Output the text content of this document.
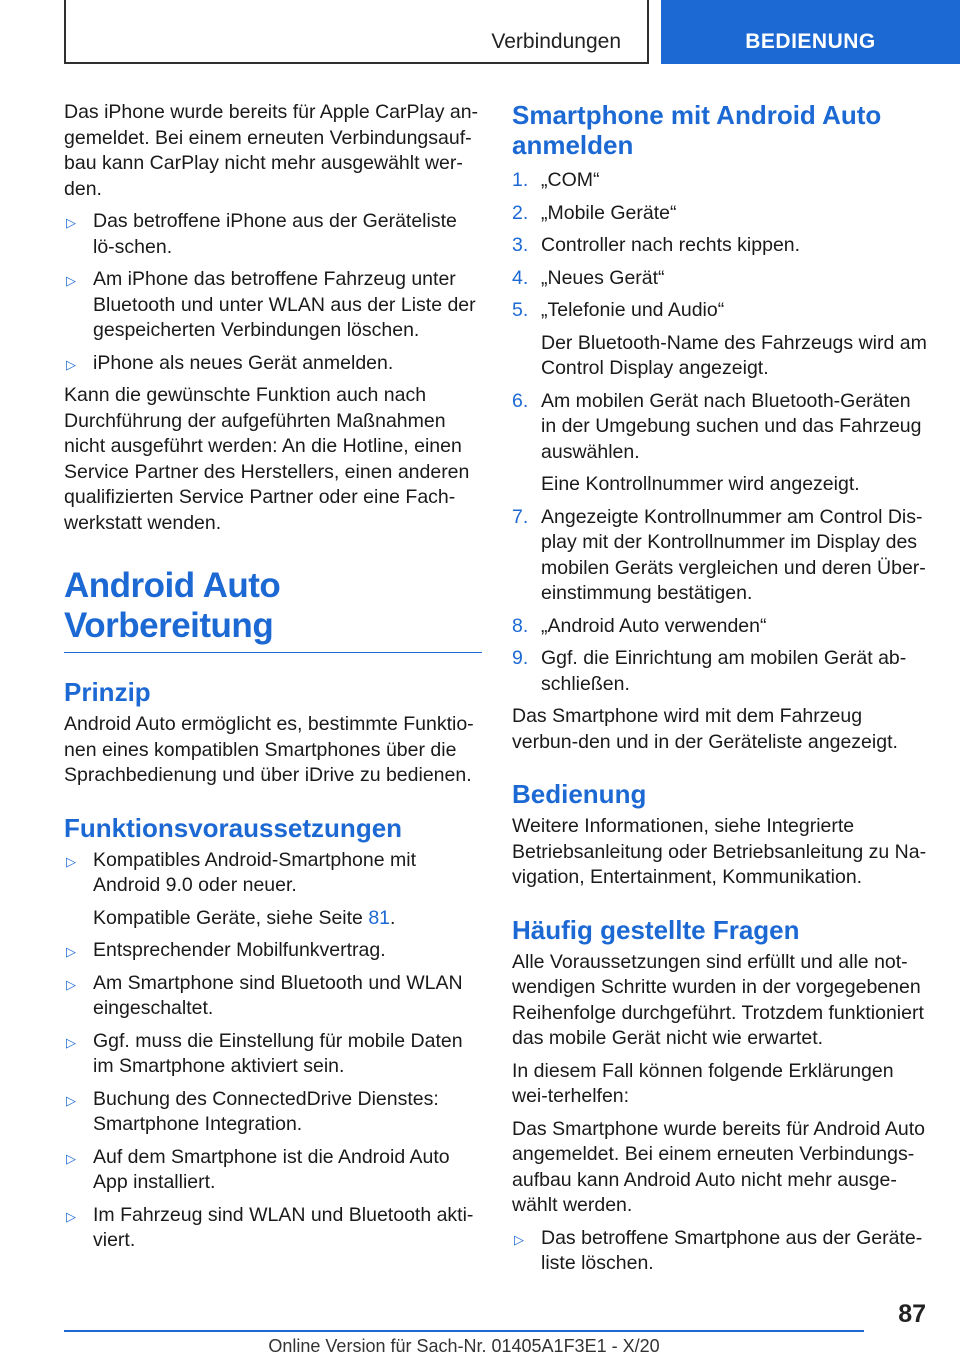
Verbindungen	BEDIENUNG

Das iPhone wurde bereits für Apple CarPlay an-gemeldet. Bei einem erneuten Verbindungsauf-bau kann CarPlay nicht mehr ausgewählt wer-den.

▷ Das betroffene iPhone aus der Geräteliste lö-schen.
▷ Am iPhone das betroffene Fahrzeug unter Bluetooth und unter WLAN aus der Liste der gespeicherten Verbindungen löschen.
▷ iPhone als neues Gerät anmelden.

Kann die gewünschte Funktion auch nach Durchführung der aufgeführten Maßnahmen nicht ausgeführt werden: An die Hotline, einen Service Partner des Herstellers, einen anderen qualifizierten Service Partner oder eine Fach-werkstatt wenden.

Android Auto Vorbereitung
Prinzip

Android Auto ermöglicht es, bestimmte Funktio-nen eines kompatiblen Smartphones über die Sprachbedienung und über iDrive zu bedienen.

Funktionsvoraussetzungen
▷ Kompatibles Android-Smartphone mit Android 9.0 oder neuer.
Kompatible Geräte, siehe Seite 81.
▷ Entsprechender Mobilfunkvertrag.
▷ Am Smartphone sind Bluetooth und WLAN eingeschaltet.
▷ Ggf. muss die Einstellung für mobile Daten im Smartphone aktiviert sein.
▷ Buchung des ConnectedDrive Dienstes: Smartphone Integration.
▷ Auf dem Smartphone ist die Android Auto App installiert.
▷ Im Fahrzeug sind WLAN und Bluetooth akti-viert.
Smartphone mit Android Auto anmelden
1. „COM“
2. „Mobile Geräte“
3. Controller nach rechts kippen.
4. „Neues Gerät“
5. „Telefonie und Audio“
Der Bluetooth-Name des Fahrzeugs wird am Control Display angezeigt.
6. Am mobilen Gerät nach Bluetooth-Geräten in der Umgebung suchen und das Fahrzeug auswählen.
Eine Kontrollnummer wird angezeigt.
7. Angezeigte Kontrollnummer am Control Dis-play mit der Kontrollnummer im Display des mobilen Geräts vergleichen und deren Über-einstimmung bestätigen.
8. „Android Auto verwenden“
9. Ggf. die Einrichtung am mobilen Gerät ab-schließen.

Das Smartphone wird mit dem Fahrzeug verbun-den und in der Geräteliste angezeigt.

Bedienung

Weitere Informationen, siehe Integrierte Betriebsanleitung oder Betriebsanleitung zu Na-vigation, Entertainment, Kommunikation.

Häufig gestellte Fragen

Alle Voraussetzungen sind erfüllt und alle not-wendigen Schritte wurden in der vorgegebenen Reihenfolge durchgeführt. Trotzdem funktioniert das mobile Gerät nicht wie erwartet.

In diesem Fall können folgende Erklärungen wei-terhelfen:

Das Smartphone wurde bereits für Android Auto angemeldet. Bei einem erneuten Verbindungs-aufbau kann Android Auto nicht mehr ausge-wählt werden.

▷ Das betroffene Smartphone aus der Geräte-liste löschen.
87
Online Version für Sach-Nr. 01405A1F3E1 - X/20
